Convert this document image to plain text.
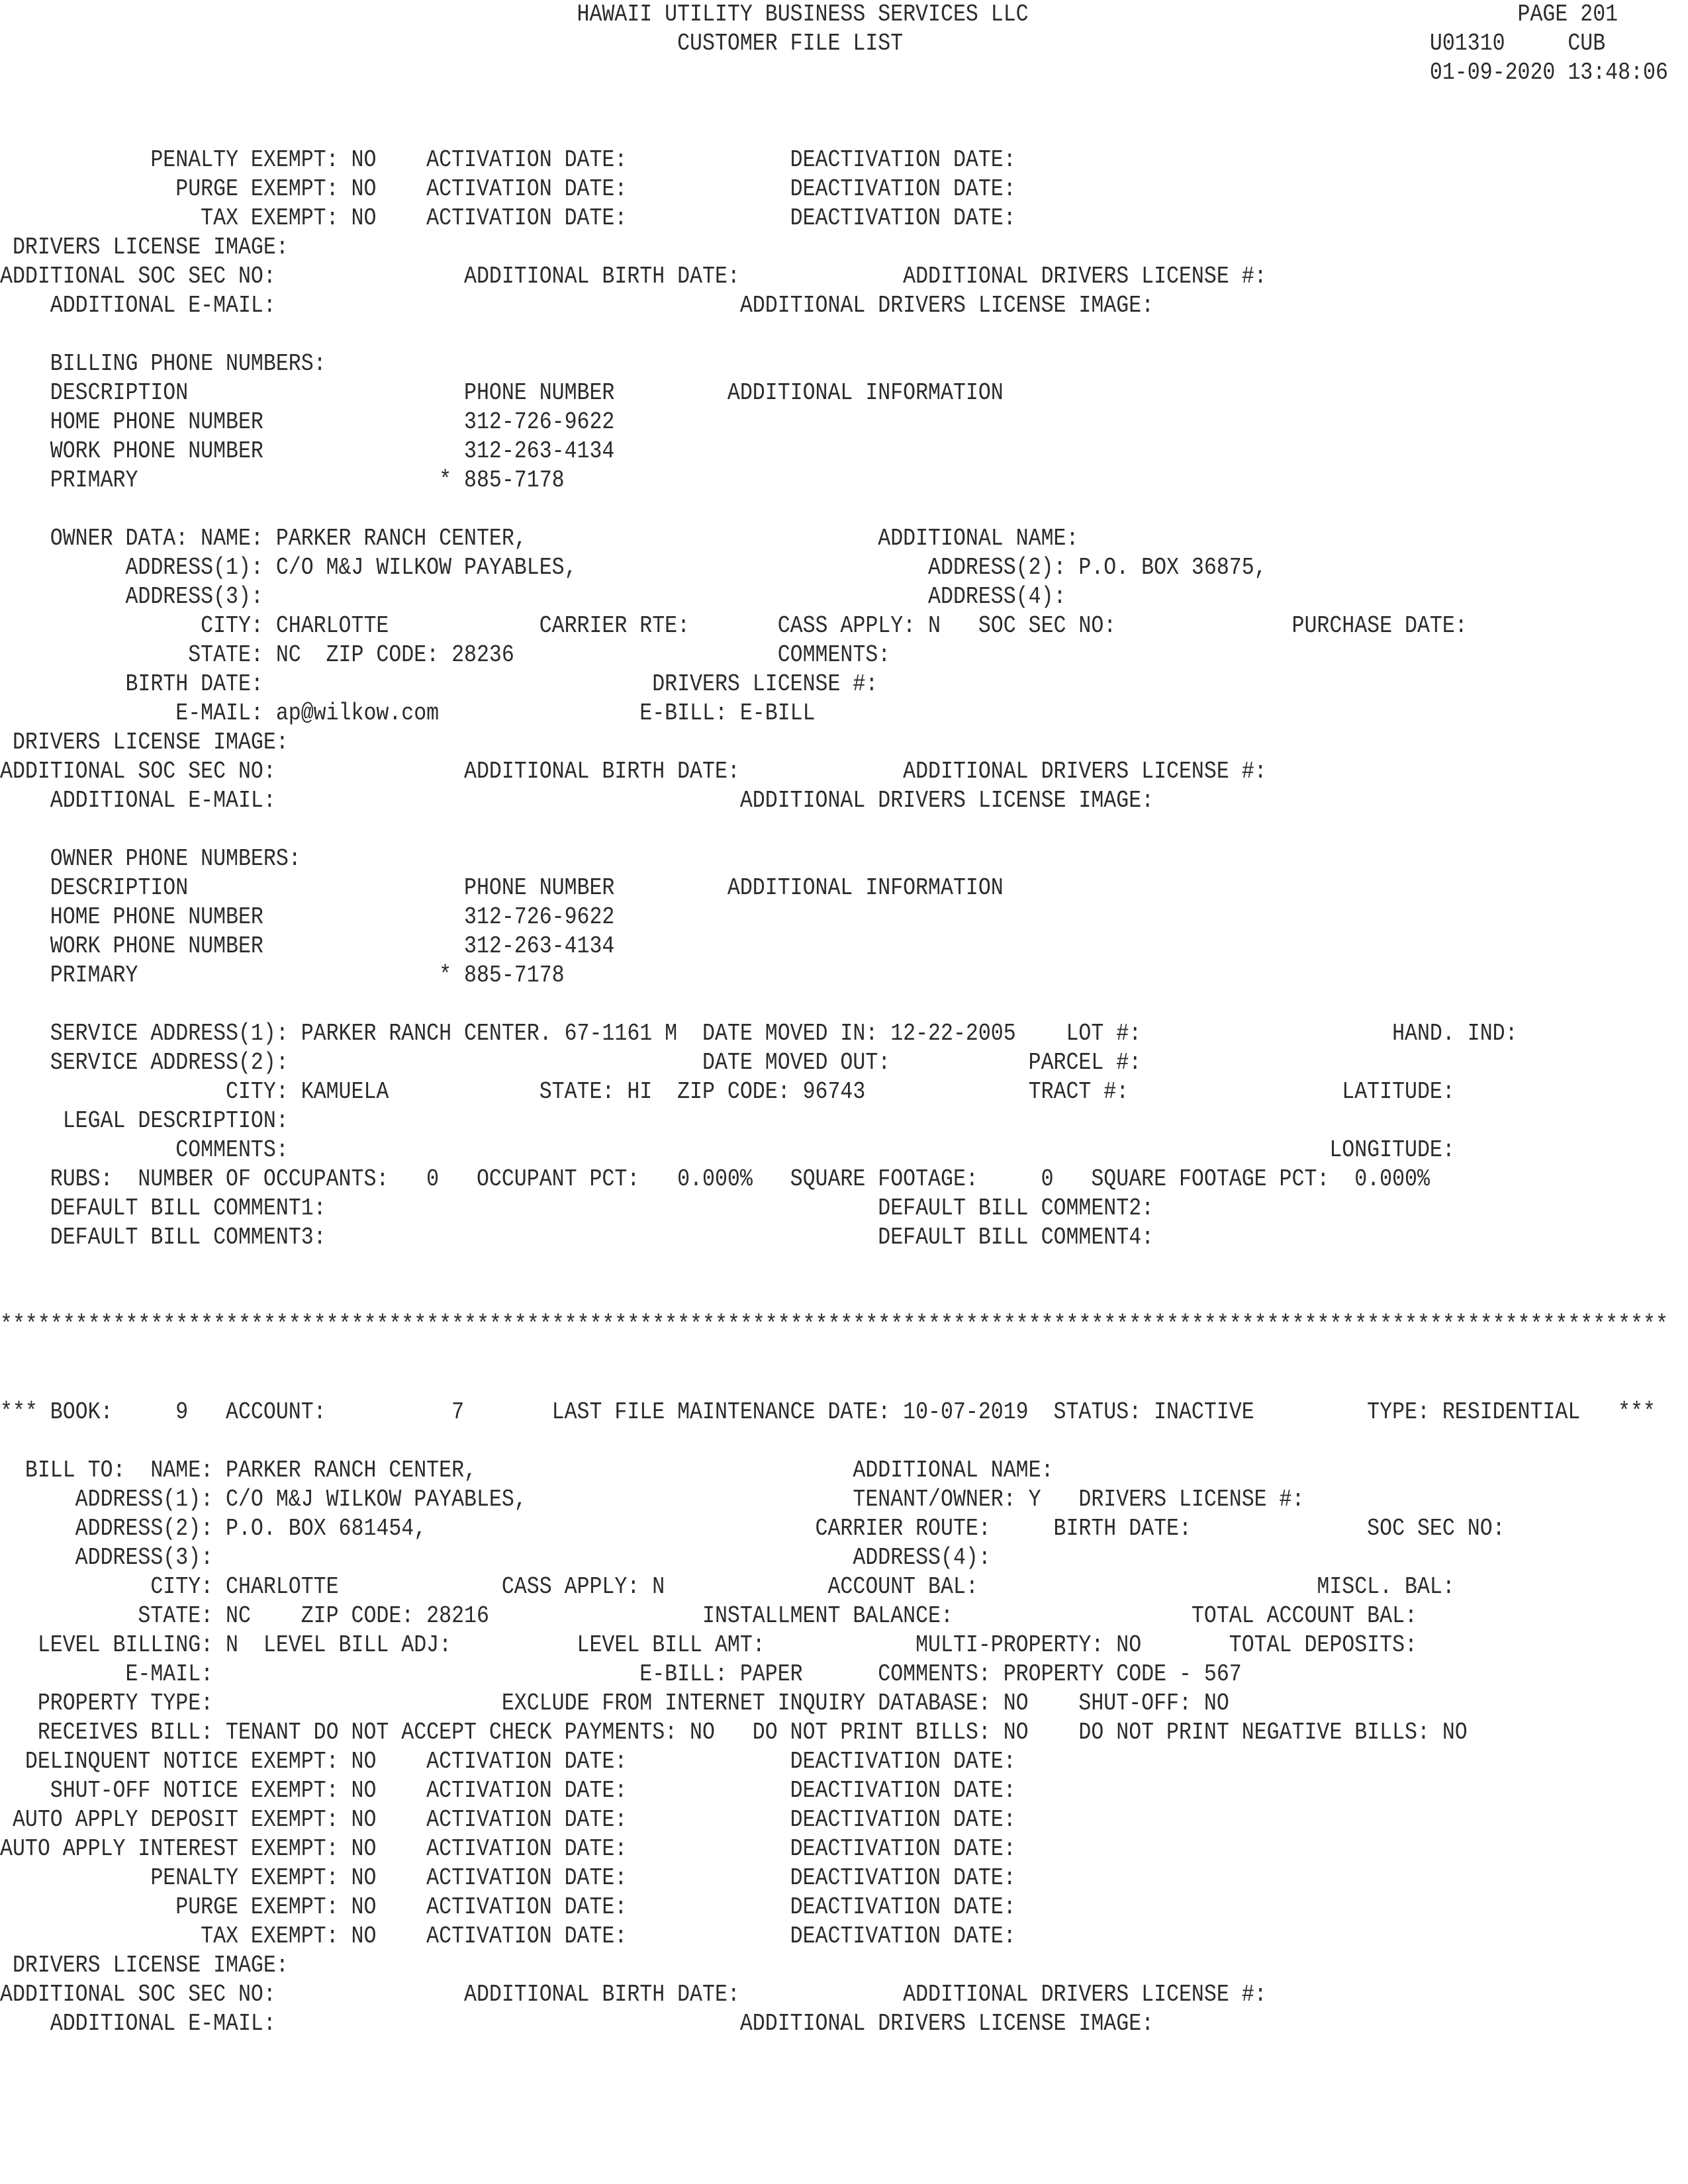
HAWAII UTILITY BUSINESS SERVICES LLC                                       PAGE 201
CUSTOMER FILE LIST                                          U01310     CUB
01-09-2020 13:48:06
PENALTY EXEMPT: NO    ACTIVATION DATE:             DEACTIVATION DATE:
PURGE EXEMPT: NO    ACTIVATION DATE:             DEACTIVATION DATE:
TAX EXEMPT: NO    ACTIVATION DATE:             DEACTIVATION DATE:
DRIVERS LICENSE IMAGE:
ADDITIONAL SOC SEC NO:               ADDITIONAL BIRTH DATE:             ADDITIONAL DRIVERS LICENSE #:
ADDITIONAL E-MAIL:                                     ADDITIONAL DRIVERS LICENSE IMAGE:
BILLING PHONE NUMBERS:
DESCRIPTION                      PHONE NUMBER         ADDITIONAL INFORMATION
HOME PHONE NUMBER                312-726-9622
WORK PHONE NUMBER                312-263-4134
PRIMARY                        * 885-7178
OWNER DATA: NAME: PARKER RANCH CENTER,                            ADDITIONAL NAME:
ADDRESS(1): C/O M&J WILKOW PAYABLES,                            ADDRESS(2): P.O. BOX 36875,
ADDRESS(3):                                                     ADDRESS(4):
CITY: CHARLOTTE            CARRIER RTE:       CASS APPLY: N   SOC SEC NO:              PURCHASE DATE:
STATE: NC  ZIP CODE: 28236                     COMMENTS:
BIRTH DATE:                               DRIVERS LICENSE #:
E-MAIL: ap@wilkow.com                E-BILL: E-BILL
DRIVERS LICENSE IMAGE:
ADDITIONAL SOC SEC NO:               ADDITIONAL BIRTH DATE:             ADDITIONAL DRIVERS LICENSE #:
ADDITIONAL E-MAIL:                                     ADDITIONAL DRIVERS LICENSE IMAGE:
OWNER PHONE NUMBERS:
DESCRIPTION                      PHONE NUMBER         ADDITIONAL INFORMATION
HOME PHONE NUMBER                312-726-9622
WORK PHONE NUMBER                312-263-4134
PRIMARY                        * 885-7178
SERVICE ADDRESS(1): PARKER RANCH CENTER. 67-1161 M  DATE MOVED IN: 12-22-2005    LOT #:                    HAND. IND:
SERVICE ADDRESS(2):                                 DATE MOVED OUT:           PARCEL #:
CITY: KAMUELA            STATE: HI  ZIP CODE: 96743             TRACT #:                 LATITUDE:
LEGAL DESCRIPTION:
COMMENTS:                                                                                   LONGITUDE:
RUBS:  NUMBER OF OCCUPANTS:   0   OCCUPANT PCT:   0.000%   SQUARE FOOTAGE:     0   SQUARE FOOTAGE PCT:  0.000%
DEFAULT BILL COMMENT1:                                            DEFAULT BILL COMMENT2:
DEFAULT BILL COMMENT3:                                            DEFAULT BILL COMMENT4:
*************************************************************************************************************************************
*** BOOK:     9   ACCOUNT:          7       LAST FILE MAINTENANCE DATE: 10-07-2019  STATUS: INACTIVE         TYPE: RESIDENTIAL   ***
BILL TO:  NAME: PARKER RANCH CENTER,                              ADDITIONAL NAME:
ADDRESS(1): C/O M&J WILKOW PAYABLES,                          TENANT/OWNER: Y   DRIVERS LICENSE #:
ADDRESS(2): P.O. BOX 681454,                               CARRIER ROUTE:     BIRTH DATE:              SOC SEC NO:
ADDRESS(3):                                                   ADDRESS(4):
CITY: CHARLOTTE             CASS APPLY: N             ACCOUNT BAL:                           MISCL. BAL:
STATE: NC    ZIP CODE: 28216                 INSTALLMENT BALANCE:                   TOTAL ACCOUNT BAL:
LEVEL BILLING: N  LEVEL BILL ADJ:          LEVEL BILL AMT:            MULTI-PROPERTY: NO       TOTAL DEPOSITS:
E-MAIL:                                  E-BILL: PAPER      COMMENTS: PROPERTY CODE - 567
PROPERTY TYPE:                       EXCLUDE FROM INTERNET INQUIRY DATABASE: NO    SHUT-OFF: NO
RECEIVES BILL: TENANT DO NOT ACCEPT CHECK PAYMENTS: NO   DO NOT PRINT BILLS: NO    DO NOT PRINT NEGATIVE BILLS: NO
DELINQUENT NOTICE EXEMPT: NO    ACTIVATION DATE:             DEACTIVATION DATE:
SHUT-OFF NOTICE EXEMPT: NO    ACTIVATION DATE:             DEACTIVATION DATE:
AUTO APPLY DEPOSIT EXEMPT: NO    ACTIVATION DATE:             DEACTIVATION DATE:
AUTO APPLY INTEREST EXEMPT: NO    ACTIVATION DATE:             DEACTIVATION DATE:
PENALTY EXEMPT: NO    ACTIVATION DATE:             DEACTIVATION DATE:
PURGE EXEMPT: NO    ACTIVATION DATE:             DEACTIVATION DATE:
TAX EXEMPT: NO    ACTIVATION DATE:             DEACTIVATION DATE:
DRIVERS LICENSE IMAGE:
ADDITIONAL SOC SEC NO:               ADDITIONAL BIRTH DATE:             ADDITIONAL DRIVERS LICENSE #:
ADDITIONAL E-MAIL:                                     ADDITIONAL DRIVERS LICENSE IMAGE:
